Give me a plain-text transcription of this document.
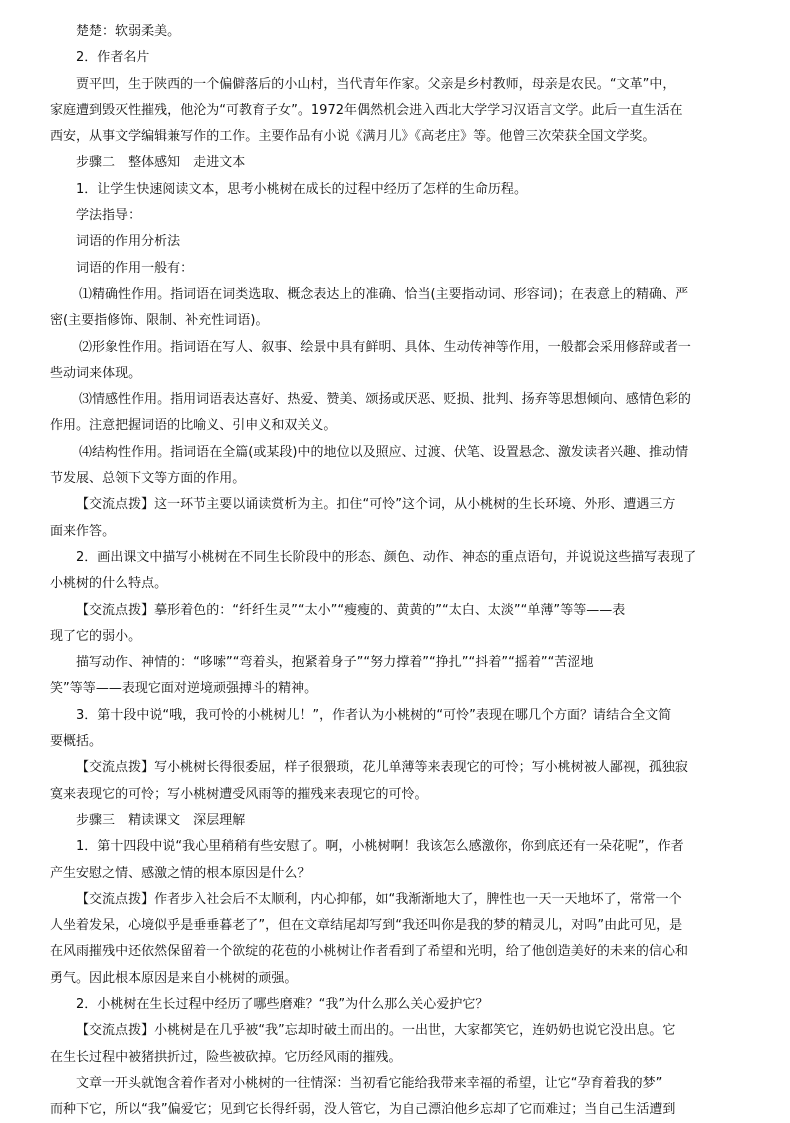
楚楚：软弱柔美。
2．作者名片
贾平凹，生于陕西的一个偏僻落后的小山村，当代青年作家。父亲是乡村教师，母亲是农民。“文革”中，
家庭遭到毁灭性摧残，他沦为“可教育子女”。1972年偶然机会进入西北大学学习汉语言文学。此后一直生活在
西安，从事文学编辑兼写作的工作。主要作品有小说《满月儿》《高老庄》等。他曾三次荣获全国文学奖。
步骤二　整体感知　走进文本
1．让学生快速阅读文本，思考小桃树在成长的过程中经历了怎样的生命历程。
学法指导：
词语的作用分析法
词语的作用一般有：
⑴精确性作用。指词语在词类选取、概念表达上的准确、恰当(主要指动词、形容词)；在表意上的精确、严
密(主要指修饰、限制、补充性词语)。
⑵形象性作用。指词语在写人、叙事、绘景中具有鲜明、具体、生动传神等作用，一般都会采用修辞或者一
些动词来体现。
⑶情感性作用。指用词语表达喜好、热爱、赞美、颂扬或厌恶、贬损、批判、扬弃等思想倾向、感情色彩的
作用。注意把握词语的比喻义、引申义和双关义。
⑷结构性作用。指词语在全篇(或某段)中的地位以及照应、过渡、伏笔、设置悬念、激发读者兴趣、推动情
节发展、总领下文等方面的作用。
【交流点拨】这一环节主要以诵读赏析为主。扣住“可怜”这个词，从小桃树的生长环境、外形、遭遇三方
面来作答。
2．画出课文中描写小桃树在不同生长阶段中的形态、颜色、动作、神态的重点语句，并说说这些描写表现了
小桃树的什么特点。
【交流点拨】摹形着色的：“纤纤生灵”“太小”“瘦瘦的、黄黄的”“太白、太淡”“单薄”等等——表
现了它的弱小。
描写动作、神情的：“哆嗦”“弯着头，抱紧着身子”“努力撑着”“挣扎”“抖着”“摇着”“苦涩地
笑”等等——表现它面对逆境顽强搏斗的精神。
3．第十段中说“哦，我可怜的小桃树儿！”，作者认为小桃树的“可怜”表现在哪几个方面？请结合全文简
要概括。
【交流点拨】写小桃树长得很委屈，样子很猥琐，花儿单薄等来表现它的可怜；写小桃树被人鄙视，孤独寂
寞来表现它的可怜；写小桃树遭受风雨等的摧残来表现它的可怜。
步骤三　精读课文　深层理解
1．第十四段中说“我心里稍稍有些安慰了。啊，小桃树啊！我该怎么感激你，你到底还有一朵花呢”，作者
产生安慰之情、感激之情的根本原因是什么？
【交流点拨】作者步入社会后不太顺利，内心抑郁，如“我渐渐地大了，脾性也一天一天地坏了，常常一个
人坐着发呆，心境似乎是垂垂暮老了”，但在文章结尾却写到“我还叫你是我的梦的精灵儿，对吗”由此可见，是
在风雨摧残中还依然保留着一个欲绽的花苞的小桃树让作者看到了希望和光明，给了他创造美好的未来的信心和
勇气。因此根本原因是来自小桃树的顽强。
2．小桃树在生长过程中经历了哪些磨难？“我”为什么那么关心爱护它？
【交流点拨】小桃树是在几乎被“我”忘却时破土而出的。一出世，大家都笑它，连奶奶也说它没出息。它
在生长过程中被猪拱折过，险些被砍掉。它历经风雨的摧残。
文章一开头就饱含着作者对小桃树的一往情深：当初看它能给我带来幸福的希望，让它“孕育着我的梦”
而种下它，所以“我”偏爱它；见到它长得纤弱，没人管它，为自己漂泊他乡忘却了它而难过；当自己生活遭到
